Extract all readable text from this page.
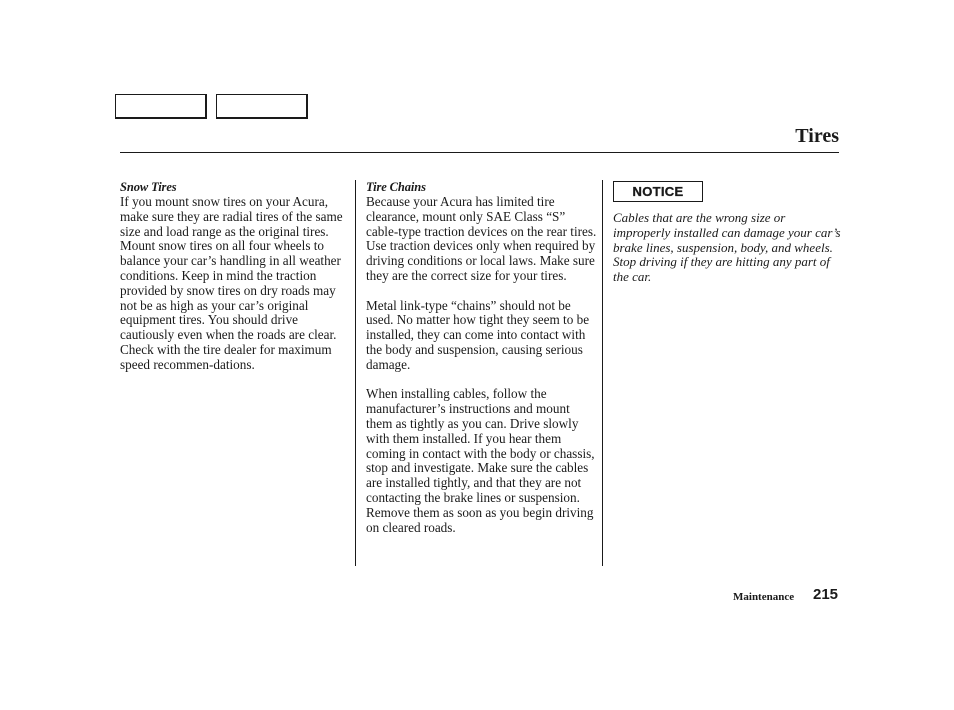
Tires

Snow Tires

If you mount snow tires on your Acura, make sure they are radial tires of the same size and load range as the original tires. Mount snow tires on all four wheels to balance your car’s handling in all weather conditions. Keep in mind the traction provided by snow tires on dry roads may not be as high as your car’s original equipment tires. You should drive cautiously even when the roads are clear. Check with the tire dealer for maximum speed recommen-dations.

Tire Chains

Because your Acura has limited tire clearance, mount only SAE Class “S” cable-type traction devices on the rear tires. Use traction devices only when required by driving conditions or local laws. Make sure they are the correct size for your tires.

Metal link-type “chains” should not be used. No matter how tight they seem to be installed, they can come into contact with the body and suspension, causing serious damage.

When installing cables, follow the manufacturer’s instructions and mount them as tightly as you can. Drive slowly with them installed. If you hear them coming in contact with the body or chassis, stop and investigate. Make sure the cables are installed tightly, and that they are not contacting the brake lines or suspension. Remove them as soon as you begin driving on cleared roads.

NOTICE

Cables that are the wrong size or improperly installed can damage your car’s brake lines, suspension, body, and wheels. Stop driving if they are hitting any part of the car.

Maintenance 215
